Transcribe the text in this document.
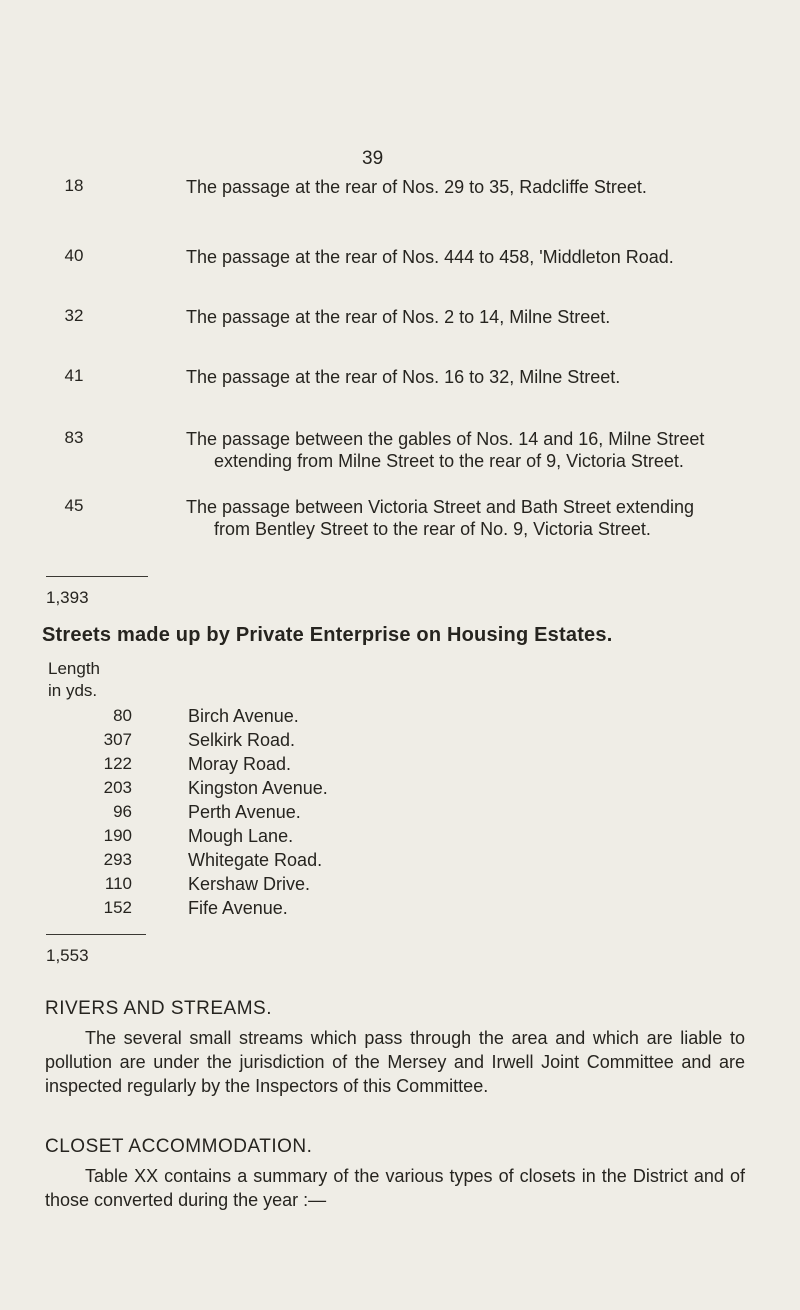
39
18	The passage at the rear of Nos. 29 to 35, Radcliffe Street.
40	The passage at the rear of Nos. 444 to 458, 'Middleton Road.
32	The passage at the rear of Nos. 2 to 14, Milne Street.
41	The passage at the rear of Nos. 16 to 32, Milne Street.
83	The passage between the gables of Nos. 14 and 16, Milne Street extending from Milne Street to the rear of 9, Victoria Street.
45	The passage between Victoria Street and Bath Street extending from Bentley Street to the rear of No. 9, Victoria Street.
1,393
Streets made up by Private Enterprise on Housing Estates.
Length
in yds.
80	Birch Avenue.
307	Selkirk Road.
122	Moray Road.
203	Kingston Avenue.
96	Perth Avenue.
190	Mough Lane.
293	Whitegate Road.
110	Kershaw Drive.
152	Fife Avenue.
1,553
RIVERS AND STREAMS.
The several small streams which pass through the area and which are liable to pollution are under the jurisdiction of the Mersey and Irwell Joint Committee and are inspected regularly by the Inspectors of this Committee.
CLOSET ACCOMMODATION.
Table XX contains a summary of the various types of closets in the District and of those converted during the year :—
